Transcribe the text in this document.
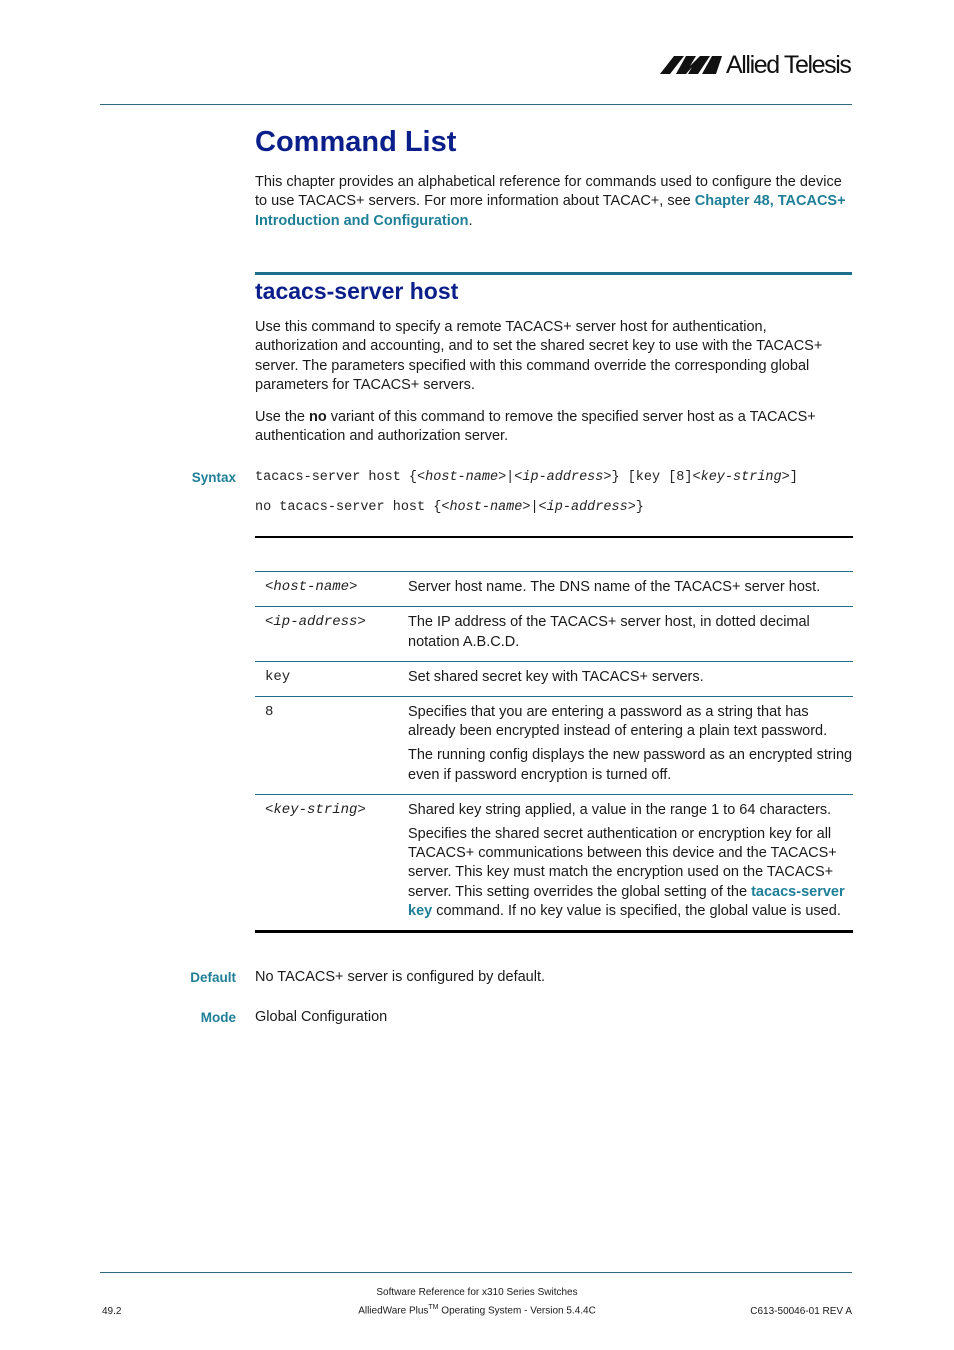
Allied Telesis
Command List
This chapter provides an alphabetical reference for commands used to configure the device to use TACACS+ servers. For more information about TACAC+, see Chapter 48, TACACS+ Introduction and Configuration.
tacacs-server host
Use this command to specify a remote TACACS+ server host for authentication, authorization and accounting, and to set the shared secret key to use with the TACACS+ server. The parameters specified with this command override the corresponding global parameters for TACACS+ servers.
Use the no variant of this command to remove the specified server host as a TACACS+ authentication and authorization server.
Syntax tacacs-server host {<host-name>|<ip-address>} [key [8]<key-string>]
no tacacs-server host {<host-name>|<ip-address>}
<host-name>	Server host name. The DNS name of the TACACS+ server host.

<ip-address>	The IP address of the TACACS+ server host, in dotted decimal notation A.B.C.D.

key	Set shared secret key with TACACS+ servers.

8	Specifies that you are entering a password as a string that has already been encrypted instead of entering a plain text password.

The running config displays the new password as an encrypted string even if password encryption is turned off.

<key-string>	Shared key string applied, a value in the range 1 to 64 characters.

Specifies the shared secret authentication or encryption key for all TACACS+ communications between this device and the TACACS+ server. This key must match the encryption used on the TACACS+ server. This setting overrides the global setting of the tacacs-server key command. If no key value is specified, the global value is used.

Default No TACACS+ server is configured by default.
Mode Global Configuration
Software Reference for x310 Series Switches
49.2	AlliedWare Plus™ Operating System - Version 5.4.4C	C613-50046-01 REV A
